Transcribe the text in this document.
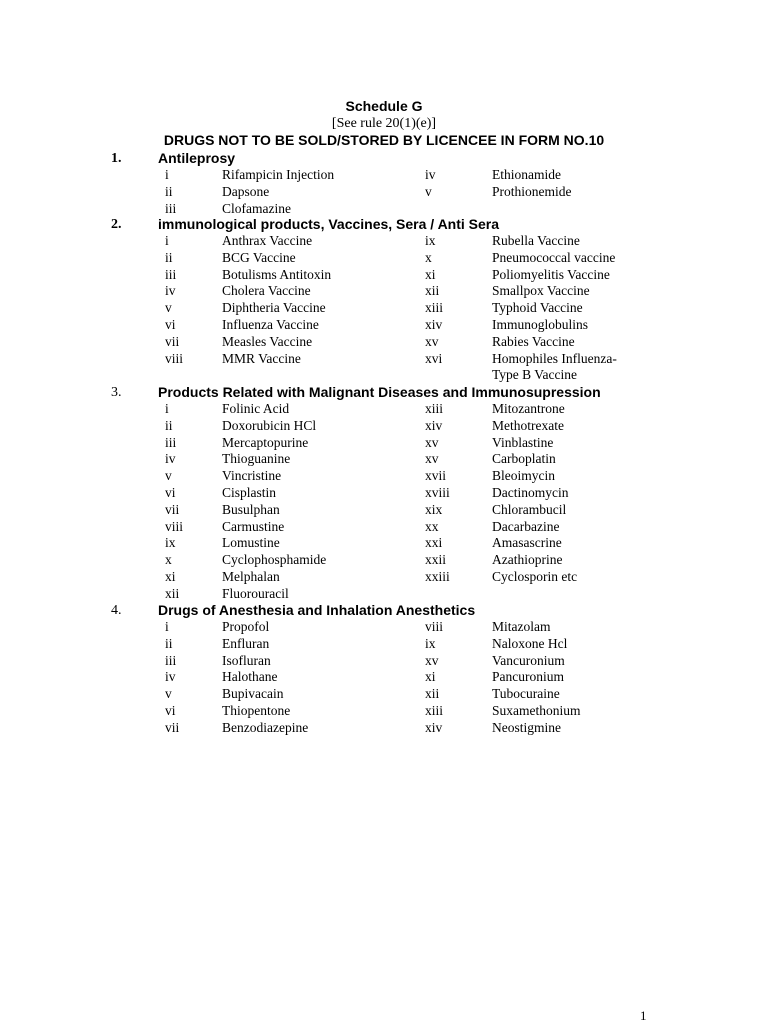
Schedule G
[See rule 20(1)(e)]
DRUGS NOT TO BE SOLD/STORED BY LICENCEE IN FORM NO.10
1.	Antileprosy
i	Rifampicin Injection	iv	Ethionamide
ii	Dapsone	v	Prothionemide
iii	Clofamazine
2.	immunological products, Vaccines, Sera / Anti Sera
i	Anthrax Vaccine	ix	Rubella Vaccine
ii	BCG Vaccine	x	Pneumococcal vaccine
iii	Botulisms Antitoxin	xi	Poliomyelitis Vaccine
iv	Cholera Vaccine	xii	Smallpox Vaccine
v	Diphtheria Vaccine	xiii	Typhoid Vaccine
vi	Influenza Vaccine	xiv	Immunoglobulins
vii	Measles Vaccine	xv	Rabies Vaccine
viii	MMR Vaccine	xvi	Homophiles Influenza-
Type B Vaccine
3.	Products Related with Malignant Diseases and Immunosupression
i	Folinic Acid	xiii	Mitozantrone
ii	Doxorubicin HCl	xiv	Methotrexate
iii	Mercaptopurine	xv	Vinblastine
iv	Thioguanine	xv	Carboplatin
v	Vincristine	xvii	Bleoimycin
vi	Cisplastin	xviii	Dactinomycin
vii	Busulphan	xix	Chlorambucil
viii	Carmustine	xx	Dacarbazine
ix	Lomustine	xxi	Amasascrine
x	Cyclophosphamide	xxii	Azathioprine
xi	Melphalan	xxiii	Cyclosporin etc
xii	Fluorouracil
4.	Drugs of Anesthesia and Inhalation Anesthetics
i	Propofol	viii	Mitazolam
ii	Enfluran	ix	Naloxone Hcl
iii	Isofluran	xv	Vancuronium
iv	Halothane	xi	Pancuronium
v	Bupivacain	xii	Tubocuraine
vi	Thiopentone	xiii	Suxamethonium
vii	Benzodiazepine	xiv	Neostigmine
1
